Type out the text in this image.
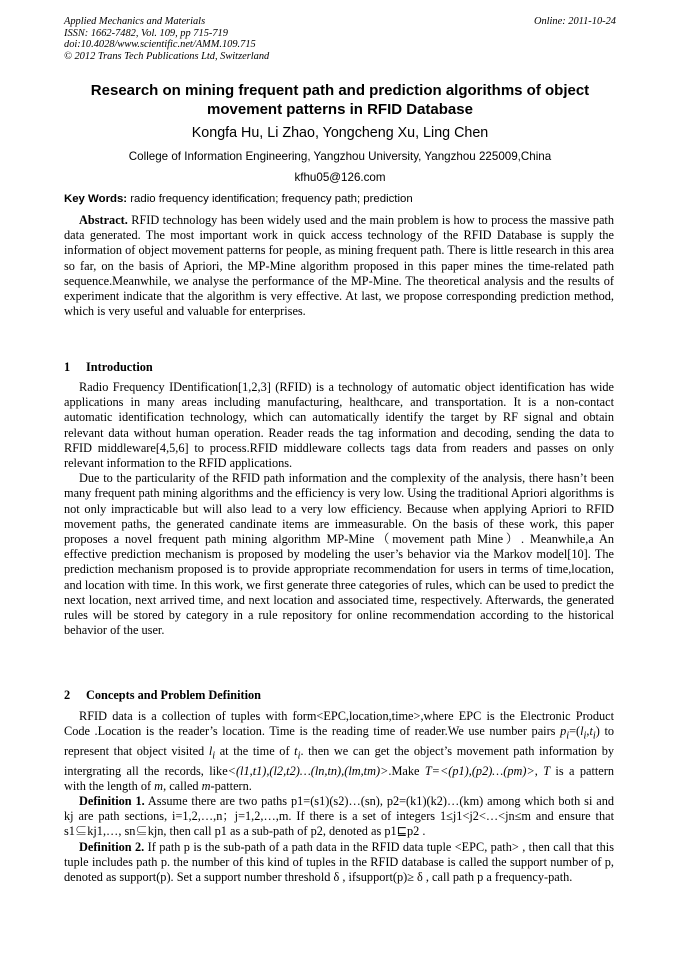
Applied Mechanics and Materials
ISSN: 1662-7482, Vol. 109, pp 715-719
doi:10.4028/www.scientific.net/AMM.109.715
© 2012 Trans Tech Publications Ltd, Switzerland
Online: 2011-10-24
Research on mining frequent path and prediction algorithms of object movement patterns in RFID Database
Kongfa Hu, Li Zhao, Yongcheng Xu, Ling Chen
College of Information Engineering, Yangzhou University, Yangzhou 225009,China
kfhu05@126.com
Key Words: radio frequency identification; frequency path; prediction

Abstract. RFID technology has been widely used and the main problem is how to process the massive path data generated. The most important work in quick access technology of the RFID Database is supply the information of object movement patterns for people, as mining frequent path. There is little research in this area so far, on the basis of Apriori, the MP-Mine algorithm proposed in this paper mines the time-related path sequence.Meanwhile, we analyse the performance of the MP-Mine. The theoretical analysis and the results of experiment indicate that the algorithm is very effective. At last, we propose corresponding prediction method, which is very useful and valuable for enterprises.

1 Introduction

Radio Frequency IDentification[1,2,3] (RFID) is a technology of automatic object identification has wide applications in many areas including manufacturing, healthcare, and transportation. It is a non-contact automatic identification technology, which can automatically identify the target by RF signal and obtain relevant data without human operation. Reader reads the tag information and decoding, sending the data to RFID middleware[4,5,6] to process.RFID middleware collects tags data from readers and passes on only relevant information to the RFID applications.

Due to the particularity of the RFID path information and the complexity of the analysis, there hasn’t been many frequent path mining algorithms and the efficiency is very low. Using the traditional Apriori algorithms is not only impracticable but will also lead to a very low efficiency. Because when applying Apriori to RFID movement paths, the generated candinate items are immeasurable. On the basis of these work, this paper proposes a novel frequent path mining algorithm MP-Mine（movement path Mine）. Meanwhile,a An effective prediction mechanism is proposed by modeling the user’s behavior via the Markov model[10]. The prediction mechanism proposed is to provide appropriate recommendation for users in terms of time,location, and location with time. In this work, we first generate three categories of rules, which can be used to predict the next location, next arrived time, and next location and associated time, respectively. Afterwards, the generated rules will be stored by category in a rule repository for online recommendation according to the historical behavior of the user.

2 Concepts and Problem Definition

RFID data is a collection of tuples with form<EPC,location,time>,where EPC is the Electronic Product Code .Location is the reader’s location. Time is the reading time of reader.We use number pairs $p_i=(l_i,t_i)$ to represent that object visited $l_i$ at the time of $t_i$. then we can get the object’s movement path information by intergrating all the records, like<(l1,t1),(l2,t2)…(ln,tn),(lm,tm)>.Make T=<(p1),(p2)…(pm)>, T is a pattern with the length of m, called m-pattern.

Definition 1. Assume there are two paths p1=(s1)(s2)…(sn), p2=(k1)(k2)…(km) among which both si and kj are path sections, i=1,2,…,n；j=1,2,…,m. If there is a set of integers 1≤j1<j2<…<jn≤m and ensure that s1⊆kj1,…, sn⊆kjn, then call p1 as a sub-path of p2, denoted as p1⊑p2 .

Definition 2. If path p is the sub-path of a path data in the RFID data tuple <EPC, path> , then call that this tuple includes path p. the number of this kind of tuples in the RFID database is called the support number of p, denoted as support(p). Set a support number threshold δ , ifsupport(p)≥ δ , call path p a frequency-path.
